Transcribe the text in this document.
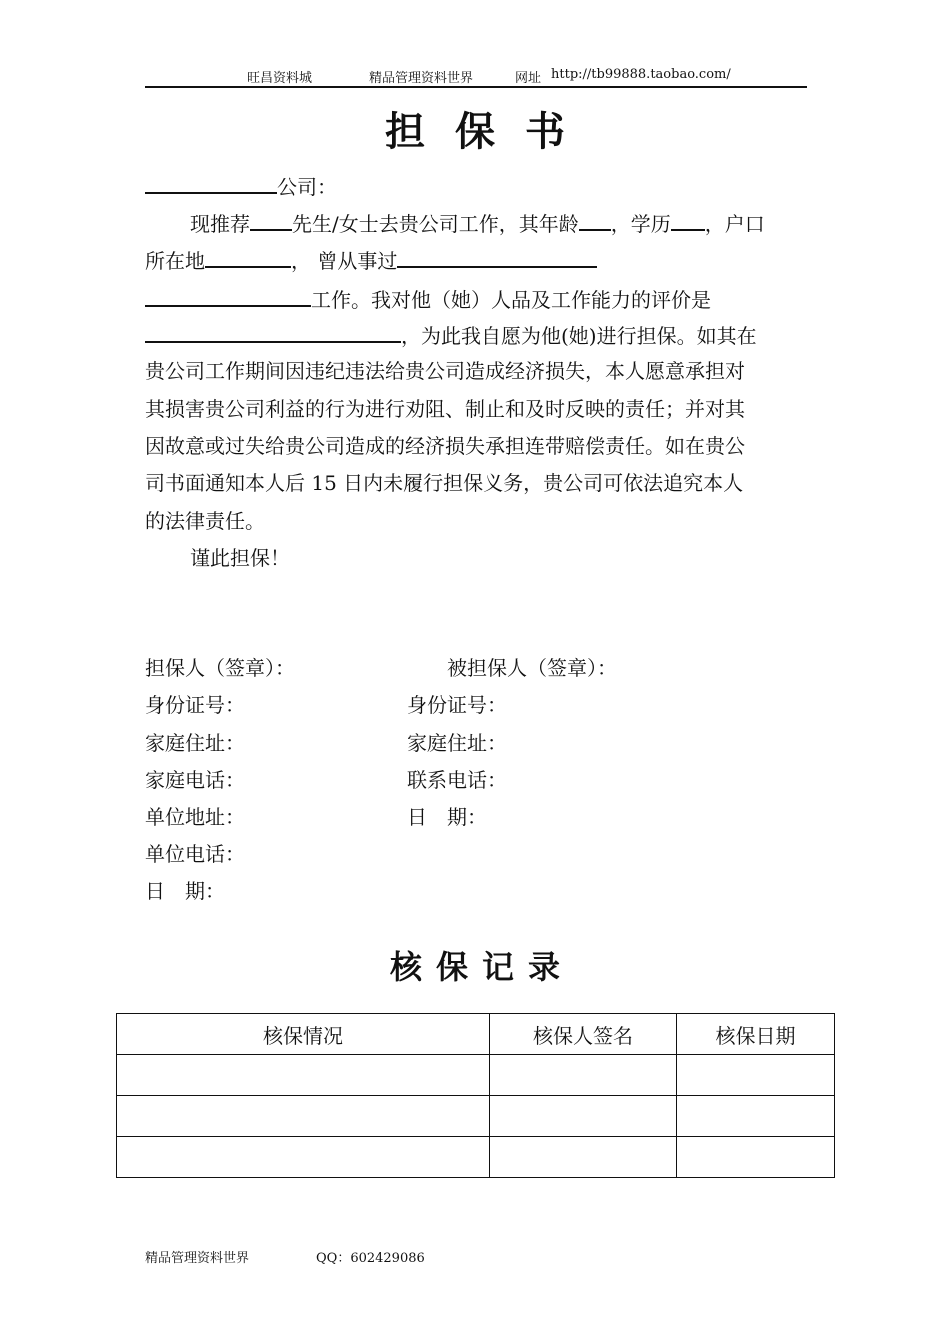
旺昌资料城	精品管理资料世界	网址 http://tb99888.taobao.com/
担保书
公司：
现推荐 先生/女士去贵公司工作，其年龄 ，学历 ，户口
所在地	， 曾从事过
工作。我对他（她）人品及工作能力的评价是
，为此我自愿为他(她)进行担保。如其在
贵公司工作期间因违纪违法给贵公司造成经济损失，本人愿意承担对
其损害贵公司利益的行为进行劝阻、制止和及时反映的责任；并对其
因故意或过失给贵公司造成的经济损失承担连带赔偿责任。如在贵公
司书面通知本人后 15 日内未履行担保义务，贵公司可依法追究本人
的法律责任。
谨此担保！
担保人（签章）：	被担保人（签章）：
身份证号：	身份证号：
家庭住址：	家庭住址：
家庭电话：	联系电话：
单位地址：	日　期：
单位电话：
日　期：
核保记录
核保情况	核保人签名	核保日期

精品管理资料世界	QQ：602429086
